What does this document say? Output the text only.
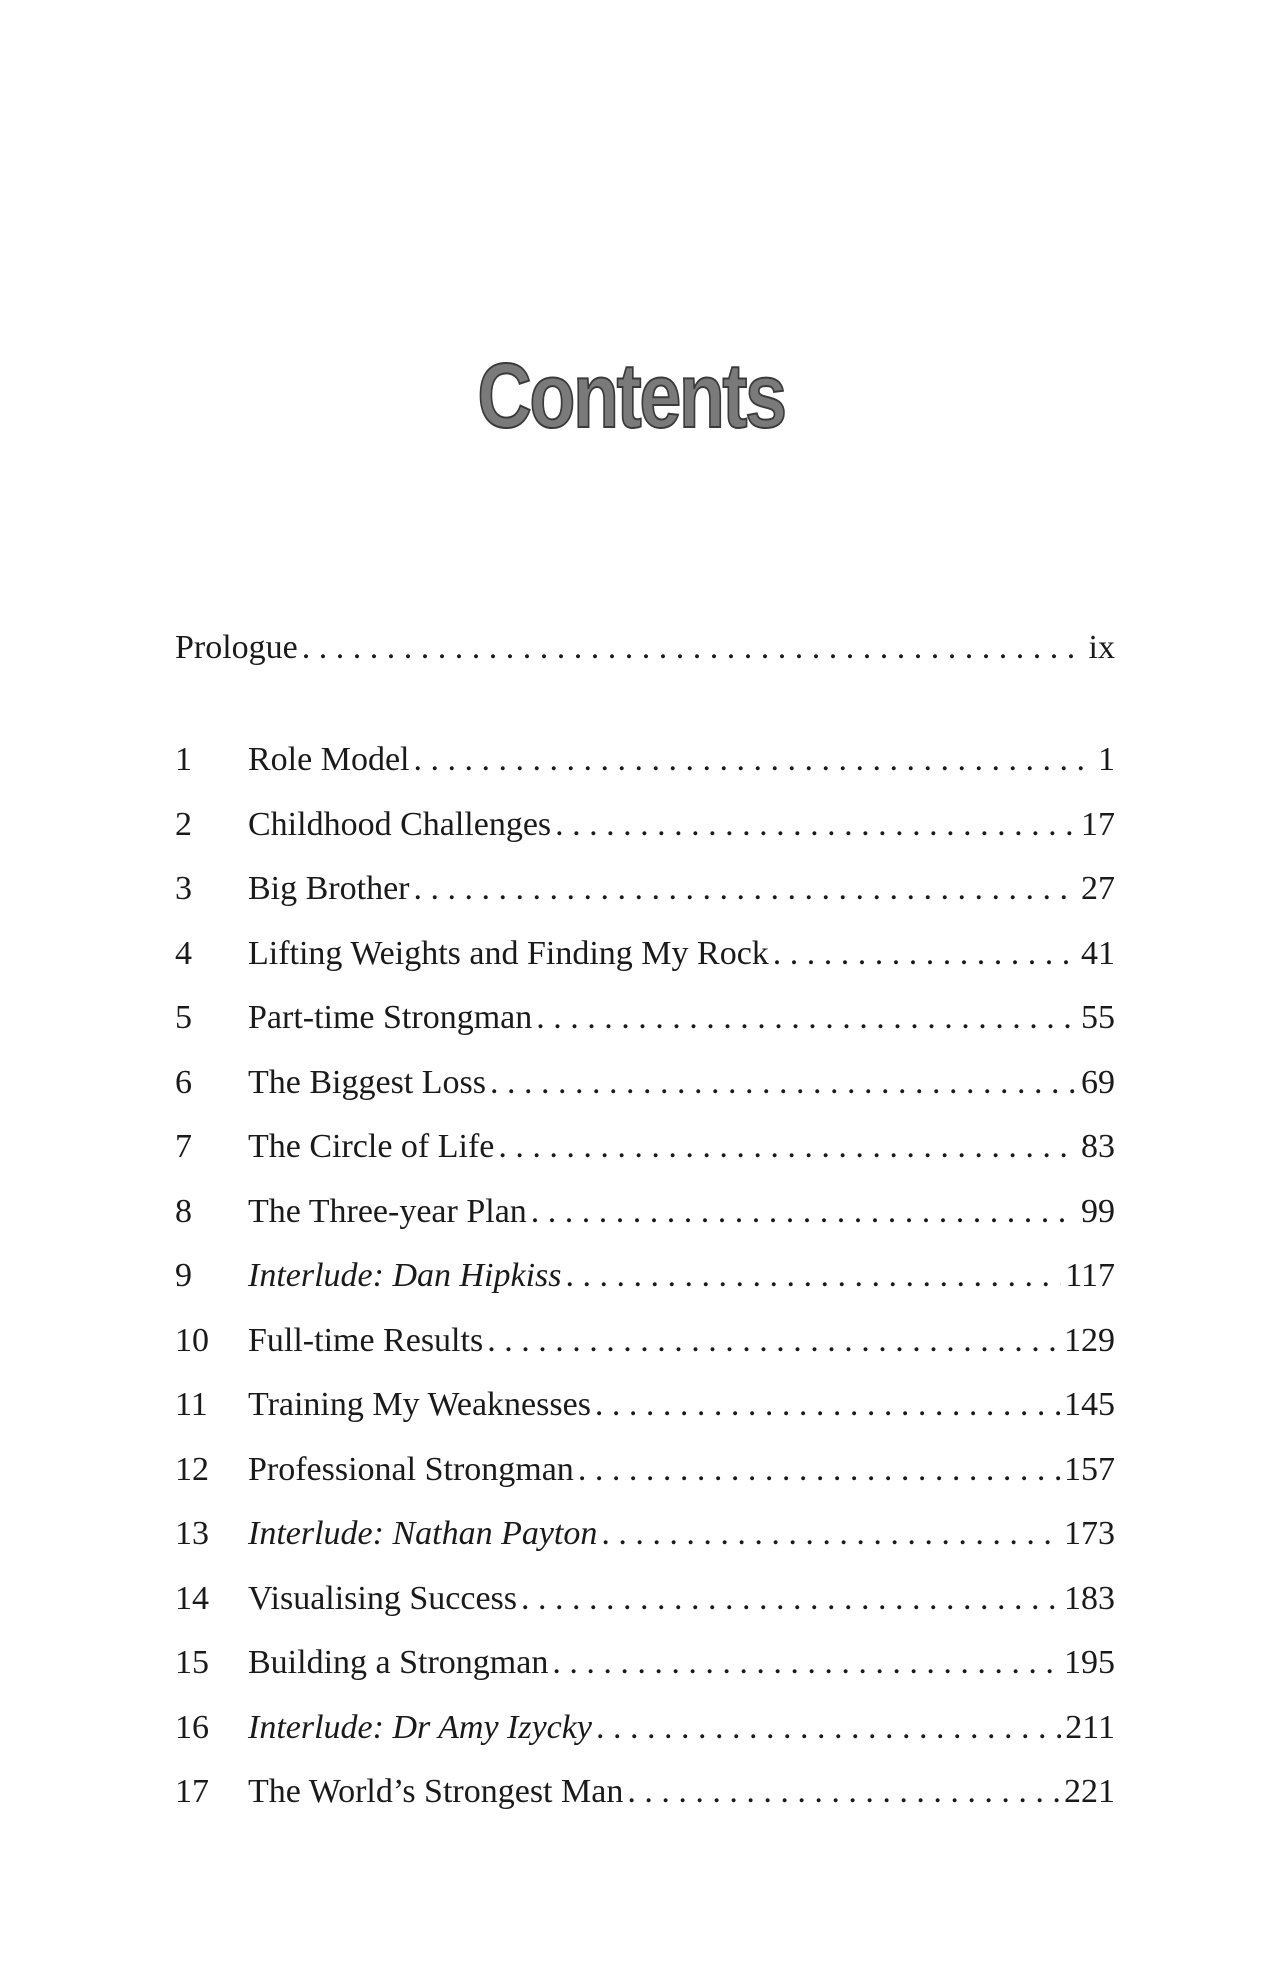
Contents
Prologue . . .	ix
1	Role Model . . .	1
2	Childhood Challenges . . .	17
3	Big Brother . . .	27
4	Lifting Weights and Finding My Rock . . .	41
5	Part-time Strongman . . .	55
6	The Biggest Loss . . .	69
7	The Circle of Life . . .	83
8	The Three-year Plan . . .	99
9	Interlude: Dan Hipkiss . . .	117
10	Full-time Results . . .	129
11	Training My Weaknesses . . .	145
12	Professional Strongman . . .	157
13	Interlude: Nathan Payton . . .	173
14	Visualising Success . . .	183
15	Building a Strongman . . .	195
16	Interlude: Dr Amy Izycky . . .	211
17	The World’s Strongest Man . . .	221
